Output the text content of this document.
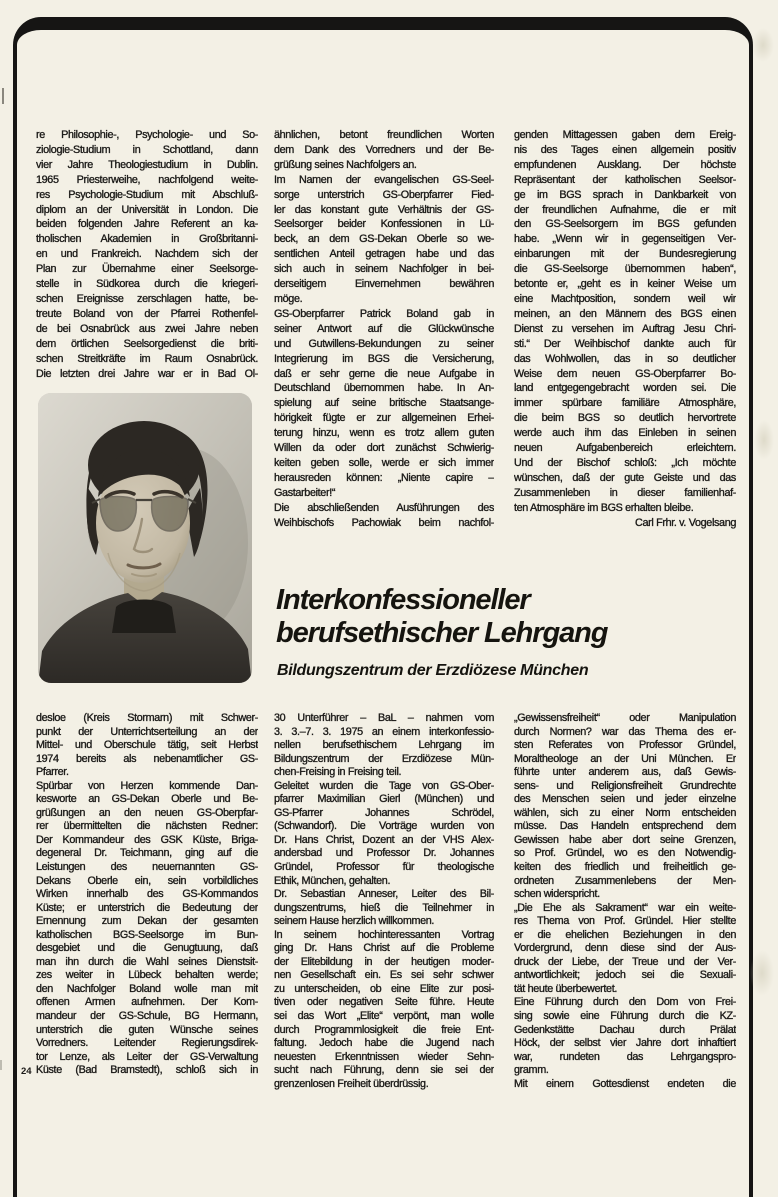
re Philosophie-, Psychologie- und So-
ziologie-Studium in Schottland, dann
vier Jahre Theologiestudium in Dublin.
1965 Priesterweihe, nachfolgend weite-
res Psychologie-Studium mit Abschluß-
diplom an der Universität in London. Die
beiden folgenden Jahre Referent an ka-
tholischen Akademien in Großbritanni-
en und Frankreich. Nachdem sich der
Plan zur Übernahme einer Seelsorge-
stelle in Südkorea durch die kriegeri-
schen Ereignisse zerschlagen hatte, be-
treute Boland von der Pfarrei Rothenfel-
de bei Osnabrück aus zwei Jahre neben
dem örtlichen Seelsorgedienst die briti-
schen Streitkräfte im Raum Osnabrück.
Die letzten drei Jahre war er in Bad Ol-
ähnlichen, betont freundlichen Worten
dem Dank des Vorredners und der Be-
grüßung seines Nachfolgers an.
Im Namen der evangelischen GS-Seel-
sorge unterstrich GS-Oberpfarrer Fied-
ler das konstant gute Verhältnis der GS-
Seelsorger beider Konfessionen in Lü-
beck, an dem GS-Dekan Oberle so we-
sentlichen Anteil getragen habe und das
sich auch in seinem Nachfolger in bei-
derseitigem Einvernehmen bewähren
möge.
GS-Oberpfarrer Patrick Boland gab in
seiner Antwort auf die Glückwünsche
und Gutwillens-Bekundungen zu seiner
Integrierung im BGS die Versicherung,
daß er sehr gerne die neue Aufgabe in
Deutschland übernommen habe. In An-
spielung auf seine britische Staatsange-
hörigkeit fügte er zur allgemeinen Erhei-
terung hinzu, wenn es trotz allem guten
Willen da oder dort zunächst Schwierig-
keiten geben solle, werde er sich immer
herausreden können: „Niente capire –
Gastarbeiter!“
Die abschließenden Ausführungen des
Weihbischofs Pachowiak beim nachfol-
genden Mittagessen gaben dem Ereig-
nis des Tages einen allgemein positiv
empfundenen Ausklang. Der höchste
Repräsentant der katholischen Seelsor-
ge im BGS sprach in Dankbarkeit von
der freundlichen Aufnahme, die er mit
den GS-Seelsorgern im BGS gefunden
habe. „Wenn wir in gegenseitigen Ver-
einbarungen mit der Bundesregierung
die GS-Seelsorge übernommen haben“,
betonte er, „geht es in keiner Weise um
eine Machtposition, sondern weil wir
meinen, an den Männern des BGS einen
Dienst zu versehen im Auftrag Jesu Chri-
sti.“ Der Weihbischof dankte auch für
das Wohlwollen, das in so deutlicher
Weise dem neuen GS-Oberpfarrer Bo-
land entgegengebracht worden sei. Die
immer spürbare familiäre Atmosphäre,
die beim BGS so deutlich hervortrete
werde auch ihm das Einleben in seinen
neuen Aufgabenbereich erleichtern.
Und der Bischof schloß: „Ich möchte
wünschen, daß der gute Geiste und das
Zusammenleben in dieser familienhaf-
ten Atmosphäre im BGS erhalten bleibe.
Carl Frhr. v. Vogelsang
Interkonfessioneller
berufsethischer Lehrgang
Bildungszentrum der Erzdiözese München
desloe (Kreis Stormarn) mit Schwer-
punkt der Unterrichtserteilung an der
Mittel- und Oberschule tätig, seit Herbst
1974 bereits als nebenamtlicher GS-
Pfarrer.
Spürbar von Herzen kommende Dan-
kesworte an GS-Dekan Oberle und Be-
grüßungen an den neuen GS-Oberpfar-
rer übermittelten die nächsten Redner:
Der Kommandeur des GSK Küste, Briga-
degeneral Dr. Teichmann, ging auf die
Leistungen des neuernannten GS-
Dekans Oberle ein, sein vorbildliches
Wirken innerhalb des GS-Kommandos
Küste; er unterstrich die Bedeutung der
Ernennung zum Dekan der gesamten
katholischen BGS-Seelsorge im Bun-
desgebiet und die Genugtuung, daß
man ihn durch die Wahl seines Dienstsit-
zes weiter in Lübeck behalten werde;
den Nachfolger Boland wolle man mit
offenen Armen aufnehmen. Der Kom-
mandeur der GS-Schule, BG Hermann,
unterstrich die guten Wünsche seines
Vorredners. Leitender Regierungsdirek-
tor Lenze, als Leiter der GS-Verwaltung
Küste (Bad Bramstedt), schloß sich in
30 Unterführer – BaL – nahmen vom
3. 3.–7. 3. 1975 an einem interkonfessio-
nellen berufsethischem Lehrgang im
Bildungszentrum der Erzdiözese Mün-
chen-Freising in Freising teil.
Geleitet wurden die Tage von GS-Ober-
pfarrer Maximilian Gierl (München) und
GS-Pfarrer Johannes Schrödel,
(Schwandorf). Die Vorträge wurden von
Dr. Hans Christ, Dozent an der VHS Alex-
andersbad und Professor Dr. Johannes
Gründel, Professor für theologische
Ethik, München, gehalten.
Dr. Sebastian Anneser, Leiter des Bil-
dungszentrums, hieß die Teilnehmer in
seinem Hause herzlich willkommen.
In seinem hochinteressanten Vortrag
ging Dr. Hans Christ auf die Probleme
der Elitebildung in der heutigen moder-
nen Gesellschaft ein. Es sei sehr schwer
zu unterscheiden, ob eine Elite zur posi-
tiven oder negativen Seite führe. Heute
sei das Wort „Elite“ verpönt, man wolle
durch Programmlosigkeit die freie Ent-
faltung. Jedoch habe die Jugend nach
neuesten Erkenntnissen wieder Sehn-
sucht nach Führung, denn sie sei der
grenzenlosen Freiheit überdrüssig.
„Gewissensfreiheit“ oder Manipulation
durch Normen? war das Thema des er-
sten Referates von Professor Gründel,
Moraltheologe an der Uni München. Er
führte unter anderem aus, daß Gewis-
sens- und Religionsfreiheit Grundrechte
des Menschen seien und jeder einzelne
wählen, sich zu einer Norm entscheiden
müsse. Das Handeln entsprechend dem
Gewissen habe aber dort seine Grenzen,
so Prof. Gründel, wo es den Notwendig-
keiten des friedlich und freiheitlich ge-
ordneten Zusammenlebens der Men-
schen widerspricht.
„Die Ehe als Sakrament“ war ein weite-
res Thema von Prof. Gründel. Hier stellte
er die ehelichen Beziehungen in den
Vordergrund, denn diese sind der Aus-
druck der Liebe, der Treue und der Ver-
antwortlichkeit; jedoch sei die Sexuali-
tät heute überbewertet.
Eine Führung durch den Dom von Frei-
sing sowie eine Führung durch die KZ-
Gedenkstätte Dachau durch Prälat
Höck, der selbst vier Jahre dort inhaftiert
war, rundeten das Lehrgangspro-
gramm.
Mit einem Gottesdienst endeten die
24
